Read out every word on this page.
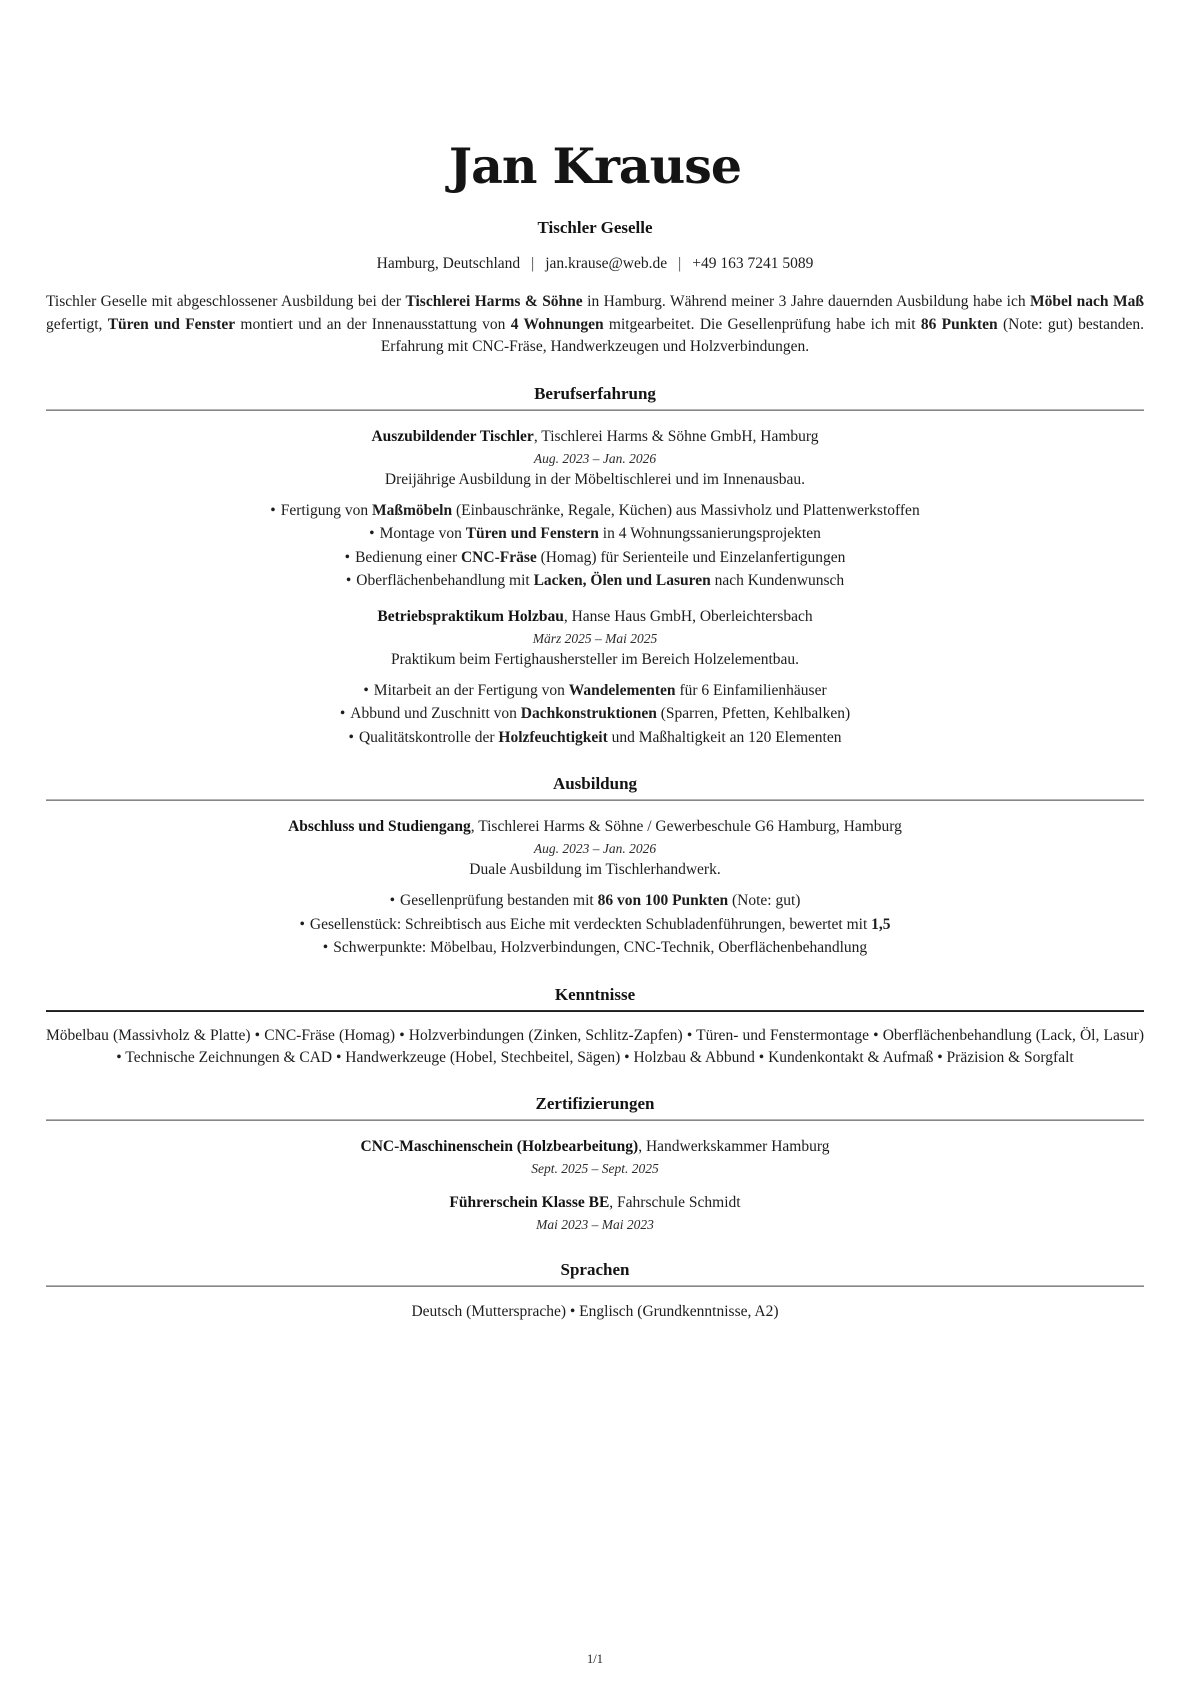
Jan Krause
Tischler Geselle
Hamburg, Deutschland | jan.krause@web.de | +49 163 7241 5089

Tischler Geselle mit abgeschlossener Ausbildung bei der Tischlerei Harms & Söhne in Hamburg. Während meiner 3 Jahre dauernden Ausbildung habe ich Möbel nach Maß gefertigt, Türen und Fenster montiert und an der Innenausstattung von 4 Wohnungen mitgearbeitet. Die Gesellenprüfung habe ich mit 86 Punkten (Note: gut) bestanden. Erfahrung mit CNC-Fräse, Handwerkzeugen und Holzverbindungen.

Berufserfahrung
Auszubildender Tischler, Tischlerei Harms & Söhne GmbH, Hamburg
Aug. 2023 – Jan. 2026
Dreijährige Ausbildung in der Möbeltischlerei und im Innenausbau.
• Fertigung von Maßmöbeln (Einbauschränke, Regale, Küchen) aus Massivholz und Plattenwerkstoffen
• Montage von Türen und Fenstern in 4 Wohnungssanierungsprojekten
• Bedienung einer CNC-Fräse (Homag) für Serienteile und Einzelanfertigungen
• Oberflächenbehandlung mit Lacken, Ölen und Lasuren nach Kundenwunsch
Betriebspraktikum Holzbau, Hanse Haus GmbH, Oberleichtersbach
März 2025 – Mai 2025
Praktikum beim Fertighaushersteller im Bereich Holzelementbau.
• Mitarbeit an der Fertigung von Wandelementen für 6 Einfamilienhäuser
• Abbund und Zuschnitt von Dachkonstruktionen (Sparren, Pfetten, Kehlbalken)
• Qualitätskontrolle der Holzfeuchtigkeit und Maßhaltigkeit an 120 Elementen
Ausbildung
Abschluss und Studiengang, Tischlerei Harms & Söhne / Gewerbeschule G6 Hamburg, Hamburg
Aug. 2023 – Jan. 2026
Duale Ausbildung im Tischlerhandwerk.
• Gesellenprüfung bestanden mit 86 von 100 Punkten (Note: gut)
• Gesellenstück: Schreibtisch aus Eiche mit verdeckten Schubladenführungen, bewertet mit 1,5
• Schwerpunkte: Möbelbau, Holzverbindungen, CNC-Technik, Oberflächenbehandlung
Kenntnisse

Möbelbau (Massivholz & Platte) • CNC-Fräse (Homag) • Holzverbindungen (Zinken, Schlitz-Zapfen) • Türen- und Fenstermontage • Oberflächenbehandlung (Lack, Öl, Lasur) • Technische Zeichnungen & CAD • Handwerkzeuge (Hobel, Stechbeitel, Sägen) • Holzbau & Abbund • Kundenkontakt & Aufmaß • Präzision & Sorgfalt

Zertifizierungen
CNC-Maschinenschein (Holzbearbeitung), Handwerkskammer Hamburg
Sept. 2025 – Sept. 2025
Führerschein Klasse BE, Fahrschule Schmidt
Mai 2023 – Mai 2023
Sprachen

Deutsch (Muttersprache) • Englisch (Grundkenntnisse, A2)

1/1
